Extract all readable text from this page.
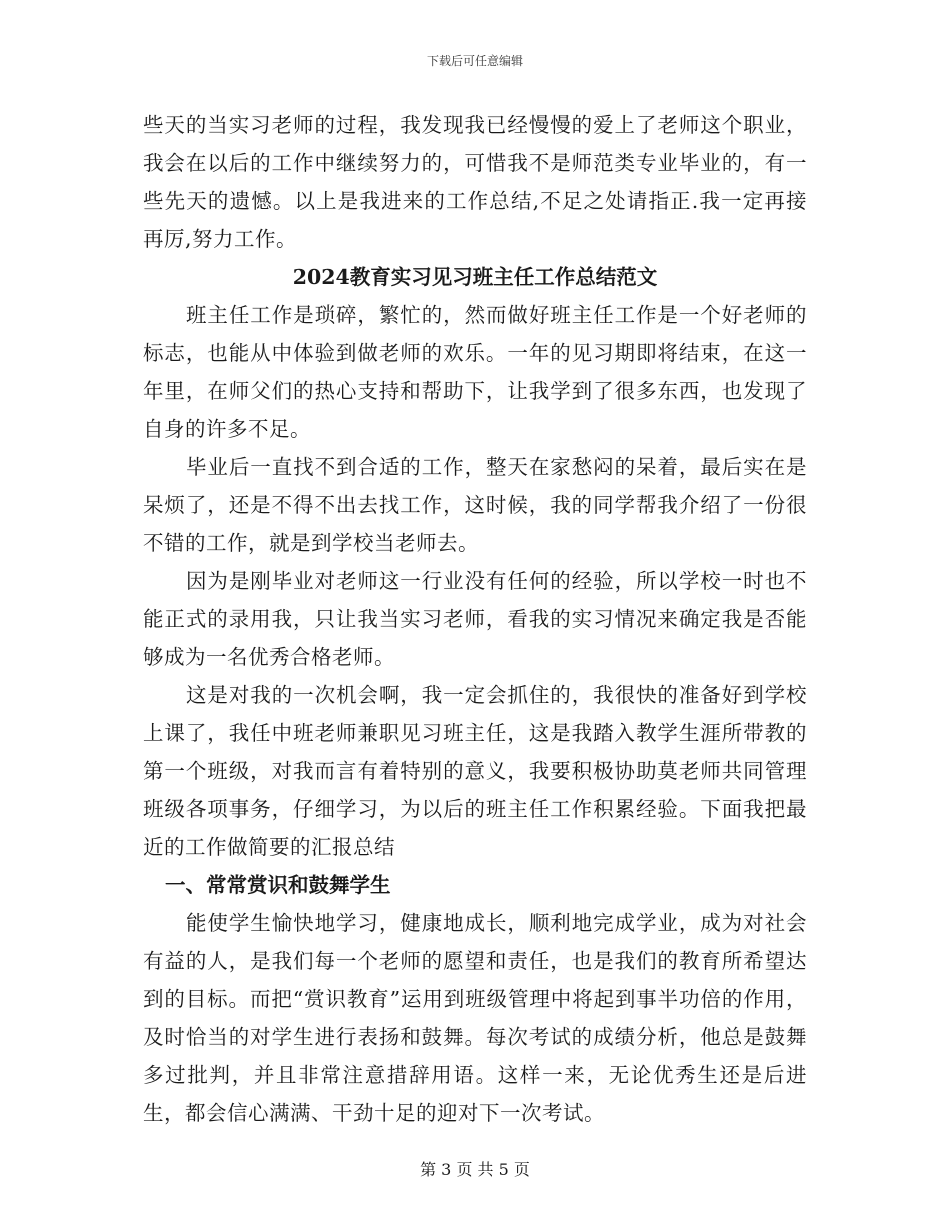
下载后可任意编辑

些天的当实习老师的过程，我发现我已经慢慢的爱上了老师这个职业，我会在以后的工作中继续努力的，可惜我不是师范类专业毕业的，有一些先天的遗憾。以上是我进来的工作总结,不足之处请指正.我一定再接再厉,努力工作。

2024教育实习见习班主任工作总结范文

班主任工作是琐碎，繁忙的，然而做好班主任工作是一个好老师的标志，也能从中体验到做老师的欢乐。一年的见习期即将结束，在这一年里，在师父们的热心支持和帮助下，让我学到了很多东西，也发现了自身的许多不足。

毕业后一直找不到合适的工作，整天在家愁闷的呆着，最后实在是呆烦了，还是不得不出去找工作，这时候，我的同学帮我介绍了一份很不错的工作，就是到学校当老师去。

因为是刚毕业对老师这一行业没有任何的经验，所以学校一时也不能正式的录用我，只让我当实习老师，看我的实习情况来确定我是否能够成为一名优秀合格老师。

这是对我的一次机会啊，我一定会抓住的，我很快的准备好到学校上课了，我任中班老师兼职见习班主任，这是我踏入教学生涯所带教的第一个班级，对我而言有着特别的意义，我要积极协助莫老师共同管理班级各项事务，仔细学习，为以后的班主任工作积累经验。下面我把最近的工作做简要的汇报总结

一、常常赏识和鼓舞学生

能使学生愉快地学习，健康地成长，顺利地完成学业，成为对社会有益的人，是我们每一个老师的愿望和责任，也是我们的教育所希望达到的目标。而把“赏识教育”运用到班级管理中将起到事半功倍的作用，及时恰当的对学生进行表扬和鼓舞。每次考试的成绩分析，他总是鼓舞多过批判，并且非常注意措辞用语。这样一来，无论优秀生还是后进生，都会信心满满、干劲十足的迎对下一次考试。

第 3 页 共 5 页
